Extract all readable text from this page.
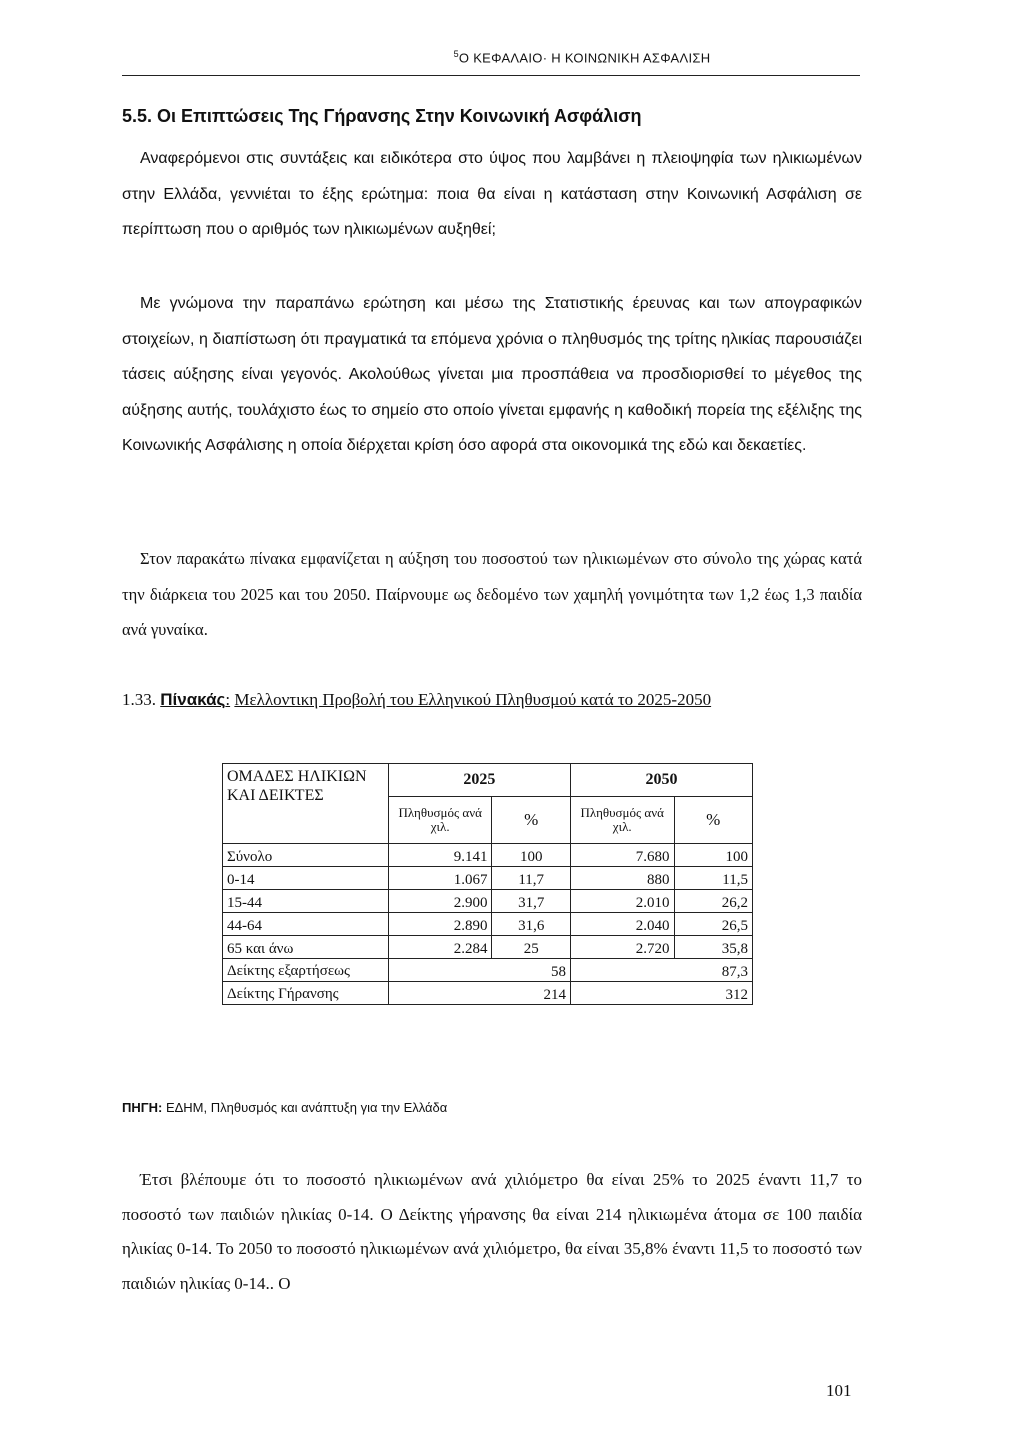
$^5$Ο ΚΕΦΑΛΑΙΟ· Η ΚΟΙΝΩΝΙΚΗ ΑΣΦΑΛΙΣΗ
5.5. Οι Επιπτώσεις Της Γήρανσης Στην Κοινωνική Ασφάλιση

Αναφερόμενοι στις συντάξεις και ειδικότερα στο ύψος που λαμβάνει η πλειοψηφία των ηλικιωμένων στην Ελλάδα, γεννιέται το έξης ερώτημα: ποια θα είναι η κατάσταση στην Κοινωνική Ασφάλιση σε περίπτωση που ο αριθμός των ηλικιωμένων αυξηθεί;

Με γνώμονα την παραπάνω ερώτηση και μέσω της Στατιστικής έρευνας και των απογραφικών στοιχείων, η διαπίστωση ότι πραγματικά τα επόμενα χρόνια ο πληθυσμός της τρίτης ηλικίας παρουσιάζει τάσεις αύξησης είναι γεγονός. Ακολούθως γίνεται μια προσπάθεια να προσδιορισθεί το μέγεθος της αύξησης αυτής, τουλάχιστο έως το σημείο στο οποίο γίνεται εμφανής η καθοδική πορεία της εξέλιξης της Κοινωνικής Ασφάλισης η οποία διέρχεται κρίση όσο αφορά στα οικονομικά της εδώ και δεκαετίες.

Στον παρακάτω πίνακα εμφανίζεται η αύξηση του ποσοστού των ηλικιωμένων στο σύνολο της χώρας κατά την διάρκεια του 2025 και του 2050. Παίρνουμε ως δεδομένο των χαμηλή γονιμότητα των 1,2 έως 1,3 παιδία ανά γυναίκα.

1.33. Πίνακάς: Μελλοντικη Προβολή του Ελληνικού Πληθυσμού κατά το 2025-2050
ΟΜΑΔΕΣ ΗΛΙΚΙΩΝ ΚΑΙ ΔΕΙΚΤΕΣ	2025		2050	
	Πληθυσμός ανά χιλ.	%	Πληθυσμός ανά χιλ.	%
Σύνολο	9.141	100	7.680	100
0-14	1.067	11,7	880	11,5
15-44	2.900	31,7	2.010	26,2
44-64	2.890	31,6	2.040	26,5
65 και άνω	2.284	25	2.720	35,8
Δείκτης εξαρτήσεως	58		87,3	
Δείκτης Γήρανσης	214		312	
ΠΗΓΗ: ΕΔΗΜ, Πληθυσμός και ανάπτυξη για την Ελλάδα

Έτσι βλέπουμε ότι το ποσοστό ηλικιωμένων ανά χιλιόμετρο θα είναι 25% το 2025 έναντι 11,7 το ποσοστό των παιδιών ηλικίας 0-14. Ο Δείκτης γήρανσης θα είναι 214 ηλικιωμένα άτομα σε 100 παιδία ηλικίας 0-14. Το 2050 το ποσοστό ηλικιωμένων ανά χιλιόμετρο, θα είναι 35,8% έναντι 11,5 το ποσοστό των παιδιών ηλικίας 0-14.. Ο

101
